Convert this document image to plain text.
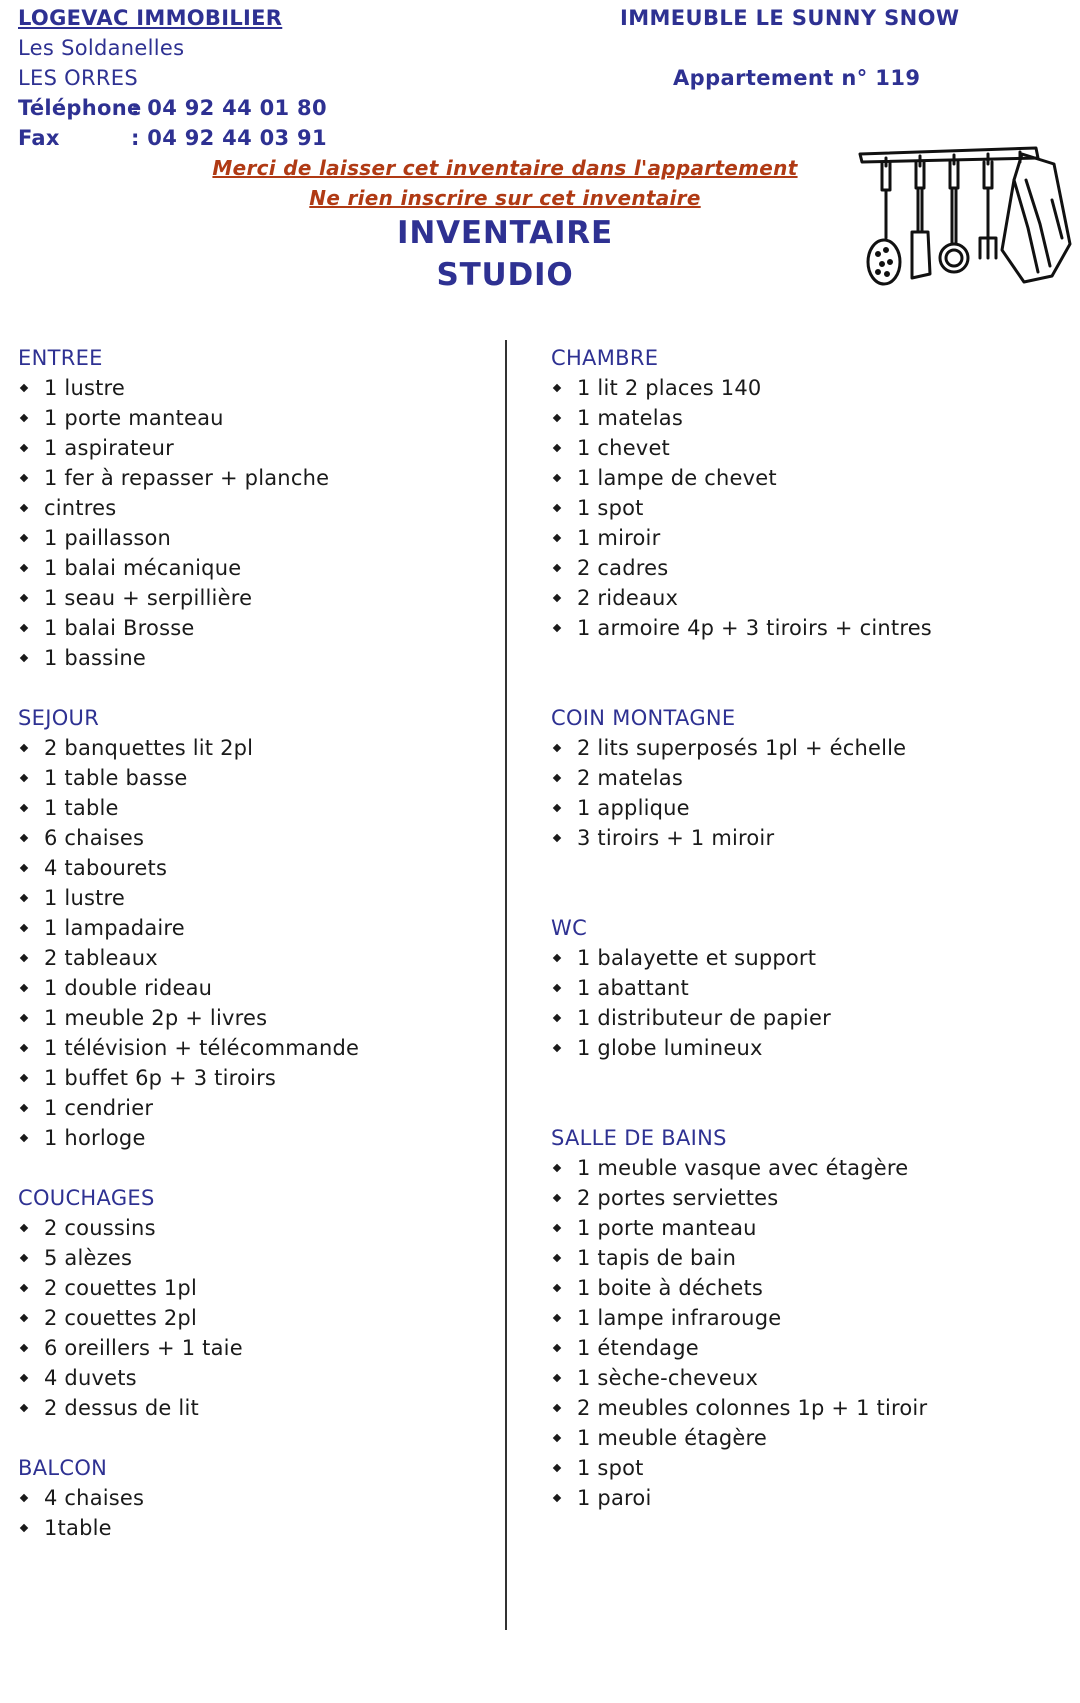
LOGEVAC IMMOBILIER
Les Soldanelles
LES ORRES
Téléphone: 04 92 44 01 80
Fax	: 04 92 44 03 91
IMMEUBLE LE SUNNY SNOW
Appartement n° 119
Merci de laisser cet inventaire dans l'appartement
Ne rien inscrire sur cet inventaire
INVENTAIRE
STUDIO
ENTREE
1 lustre
1 porte manteau
1 aspirateur
1 fer à repasser + planche
cintres
1 paillasson
1 balai mécanique
1 seau + serpillière
1 balai Brosse
1 bassine
SEJOUR
2 banquettes lit 2pl
1 table basse
1 table
6 chaises
4 tabourets
1 lustre
1 lampadaire
2 tableaux
1 double rideau
1 meuble 2p + livres
1 télévision + télécommande
1 buffet 6p + 3 tiroirs
1 cendrier
1 horloge
COUCHAGES
2 coussins
5 alèzes
2 couettes 1pl
2 couettes 2pl
6 oreillers + 1 taie
4 duvets
2 dessus de lit
BALCON
4 chaises
1table
CHAMBRE
1 lit 2 places 140
1 matelas
1 chevet
1 lampe de chevet
1 spot
1 miroir
2 cadres
2 rideaux
1 armoire 4p + 3 tiroirs + cintres
COIN MONTAGNE
2 lits superposés 1pl + échelle
2 matelas
1 applique
3 tiroirs + 1 miroir
WC
1 balayette et support
1 abattant
1 distributeur de papier
1 globe lumineux
SALLE DE BAINS
1 meuble vasque avec étagère
2 portes serviettes
1 porte manteau
1 tapis de bain
1 boite à déchets
1 lampe infrarouge
1 étendage
1 sèche-cheveux
2 meubles colonnes 1p + 1 tiroir
1 meuble étagère
1 spot
1 paroi
